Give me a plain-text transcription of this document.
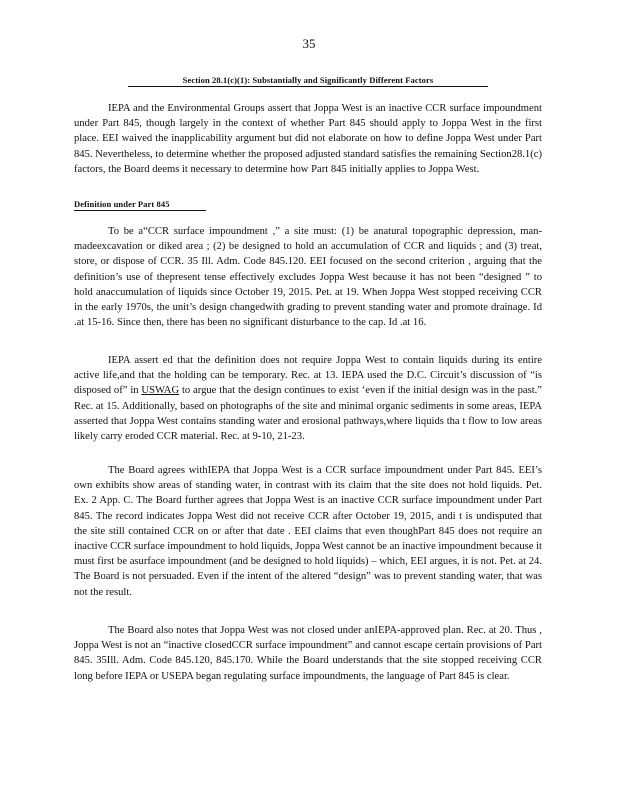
35
Section 28.1(c)(1): Substantially and Significantly Different Factors

IEPA and the Environmental Groups assert that Joppa West is an inactive CCR surface impoundment under Part 845, though largely in the context of whether Part 845 should apply to Joppa West in the first place. EEI waived the inapplicability argument but did not elaborate on how to define Joppa West under Part 845. Nevertheless, to determine whether the proposed adjusted standard satisfies the remaining Section28.1(c) factors, the Board deems it necessary to determine how Part 845 initially applies to Joppa West.

Definition under Part 845

To be a“CCR surface impoundment ,” a site must: (1) be anatural topographic depression, man-madeexcavation or diked area ; (2) be designed to hold an accumulation of CCR and liquids ; and (3) treat, store, or dispose of CCR. 35 Ill. Adm. Code 845.120. EEI focused on the second criterion , arguing that the definition’s use of thepresent tense effectively excludes Joppa West because it has not been “designed ” to hold anaccumulation of liquids since October 19, 2015. Pet. at 19. When Joppa West stopped receiving CCR in the early 1970s, the unit’s design changedwith grading to prevent standing water and promote drainage. Id .at 15-16. Since then, there has been no significant disturbance to the cap. Id .at 16.

IEPA assert ed that the definition does not require Joppa West to contain liquids during its entire active life,and that the holding can be temporary. Rec. at 13. IEPA used the D.C. Circuit’s discussion of “is disposed of” in USWAG to argue that the design continues to exist ‘even if the initial design was in the past.” Rec. at 15. Additionally, based on photographs of the site and minimal organic sediments in some areas, IEPA asserted that Joppa West contains standing water and erosional pathways,where liquids tha t flow to low areas likely carry eroded CCR material. Rec. at 9-10, 21-23.

The Board agrees withIEPA that Joppa West is a CCR surface impoundment under Part 845. EEI’s own exhibits show areas of standing water, in contrast with its claim that the site does not hold liquids. Pet. Ex. 2 App. C. The Board further agrees that Joppa West is an inactive CCR surface impoundment under Part 845. The record indicates Joppa West did not receive CCR after October 19, 2015, andi t is undisputed that the site still contained CCR on or after that date . EEI claims that even thoughPart 845 does not require an inactive CCR surface impoundment to hold liquids, Joppa West cannot be an inactive impoundment because it must first be asurface impoundment (and be designed to hold liquids) – which, EEI argues, it is not. Pet. at 24. The Board is not persuaded. Even if the intent of the altered “design” was to prevent standing water, that was not the result.

The Board also notes that Joppa West was not closed under anIEPA-approved plan. Rec. at 20. Thus , Joppa West is not an “inactive closedCCR surface impoundment” and cannot escape certain provisions of Part 845. 35Ill. Adm. Code 845.120, 845.170. While the Board understands that the site stopped receiving CCR long before IEPA or USEPA began regulating surface impoundments, the language of Part 845 is clear.
